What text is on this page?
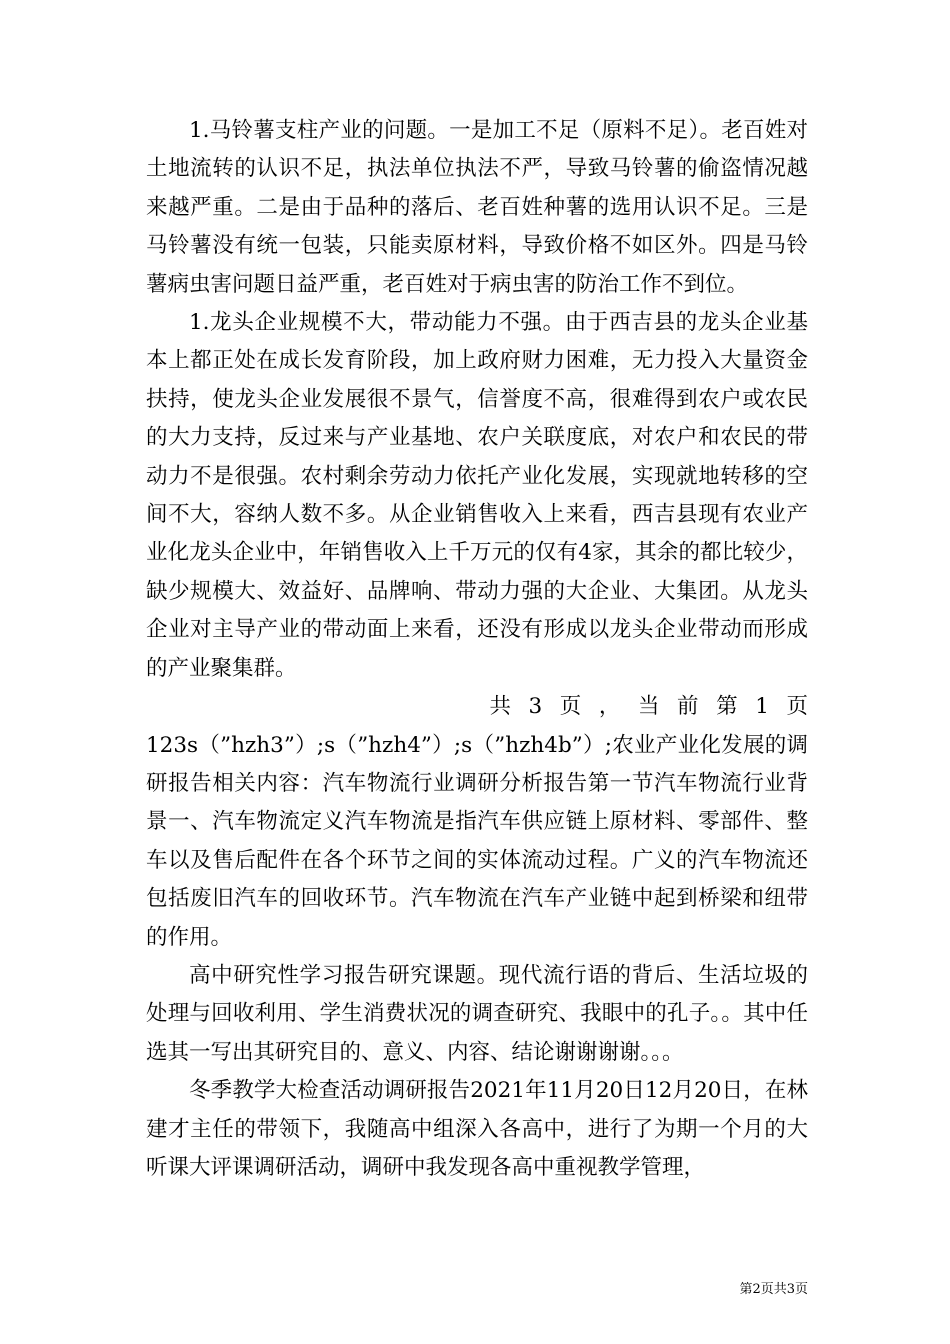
1.马铃薯支柱产业的问题。一是加工不足（原料不足）。老百姓对土地流转的认识不足，执法单位执法不严，导致马铃薯的偷盗情况越来越严重。二是由于品种的落后、老百姓种薯的选用认识不足。三是马铃薯没有统一包装，只能卖原材料，导致价格不如区外。四是马铃薯病虫害问题日益严重，老百姓对于病虫害的防治工作不到位。

1.龙头企业规模不大，带动能力不强。由于西吉县的龙头企业基本上都正处在成长发育阶段，加上政府财力困难，无力投入大量资金扶持，使龙头企业发展很不景气，信誉度不高，很难得到农户或农民的大力支持，反过来与产业基地、农户关联度底，对农户和农民的带动力不是很强。农村剩余劳动力依托产业化发展，实现就地转移的空间不大，容纳人数不多。从企业销售收入上来看，西吉县现有农业产业化龙头企业中，年销售收入上千万元的仅有4家，其余的都比较少，缺少规模大、效益好、品牌响、带动力强的大企业、大集团。从龙头企业对主导产业的带动面上来看，还没有形成以龙头企业带动而形成的产业聚集群。

共 3 页 ， 当 前 第 1 页

123s（”hzh3”）;s（”hzh4”）;s（”hzh4b”）;农业产业化发展的调研报告相关内容：汽车物流行业调研分析报告第一节汽车物流行业背景一、汽车物流定义汽车物流是指汽车供应链上原材料、零部件、整车以及售后配件在各个环节之间的实体流动过程。广义的汽车物流还包括废旧汽车的回收环节。汽车物流在汽车产业链中起到桥梁和纽带的作用。

高中研究性学习报告研究课题。现代流行语的背后、生活垃圾的处理与回收利用、学生消费状况的调查研究、我眼中的孔子。。其中任选其一写出其研究目的、意义、内容、结论谢谢谢谢。。。

冬季教学大检查活动调研报告2021年11月20日12月20日，在林建才主任的带领下，我随高中组深入各高中，进行了为期一个月的大听课大评课调研活动，调研中我发现各高中重视教学管理，

第2页共3页
